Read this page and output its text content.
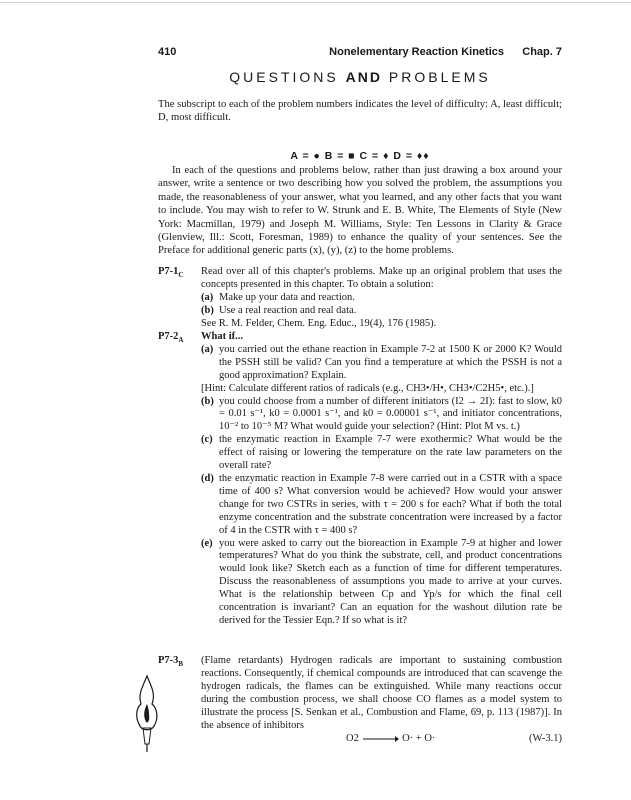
410	Nonelementary Reaction Kinetics Chap. 7
QUESTIONS AND PROBLEMS
The subscript to each of the problem numbers indicates the level of difficulty: A, least difficult; D, most difficult.
A = ● B = ■ C = ♦ D = ♦♦
In each of the questions and problems below, rather than just drawing a box around your answer, write a sentence or two describing how you solved the problem, the assumptions you made, the reasonableness of your answer, what you learned, and any other facts that you want to include. You may wish to refer to W. Strunk and E. B. White, The Elements of Style (New York: Macmillan, 1979) and Joseph M. Williams, Style: Ten Lessons in Clarity & Grace (Glenview, Ill.: Scott, Foresman, 1989) to enhance the quality of your sentences. See the Preface for additional generic parts (x), (y), (z) to the home problems.
$P7-1_C$ Read over all of this chapter's problems. Make up an original problem that uses the concepts presented in this chapter. To obtain a solution:
(a) Make up your data and reaction.
(b) Use a real reaction and real data.
See R. M. Felder, Chem. Eng. Educ., 19(4), 176 (1985).
$P7-2_A$ What if...
(a) you carried out the ethane reaction in Example 7-2 at 1500 K or 2000 K? Would the PSSH still be valid? Can you find a temperature at which the PSSH is not a good approximation? Explain.
[Hint: Calculate different ratios of radicals (e.g., CH3•/H•, CH3•/C2H5•, etc.).]
(b) you could choose from a number of different initiators (I2 → 2I): fast to slow, k0 = 0.01 s⁻¹, k0 = 0.0001 s⁻¹, and k0 = 0.00001 s⁻¹, and initiator concentrations, 10⁻² to 10⁻⁵ M? What would guide your selection? (Hint: Plot M vs. t.)
(c) the enzymatic reaction in Example 7-7 were exothermic? What would be the effect of raising or lowering the temperature on the rate law parameters on the overall rate?
(d) the enzymatic reaction in Example 7-8 were carried out in a CSTR with a space time of 400 s? What conversion would be achieved? How would your answer change for two CSTRs in series, with τ = 200 s for each? What if both the total enzyme concentration and the substrate concentration were increased by a factor of 4 in the CSTR with τ = 400 s?
(e) you were asked to carry out the bioreaction in Example 7-9 at higher and lower temperatures? What do you think the substrate, cell, and product concentrations would look like? Sketch each as a function of time for different temperatures. Discuss the reasonableness of assumptions you made to arrive at your curves. What is the relationship between Cp and Yp/s for which the final cell concentration is invariant? Can an equation for the washout dilution rate be derived for the Tessier Eqn.? If so what is it?
$P7-3_B$ (Flame retardants) Hydrogen radicals are important to sustaining combustion reactions. Consequently, if chemical compounds are introduced that can scavenge the hydrogen radicals, the flames can be extinguished. While many reactions occur during the combustion process, we shall choose CO flames as a model system to illustrate the process [S. Senkan et al., Combustion and Flame, 69, p. 113 (1987)]. In the absence of inhibitors
O2 → O· + O·	(W-3.1)
